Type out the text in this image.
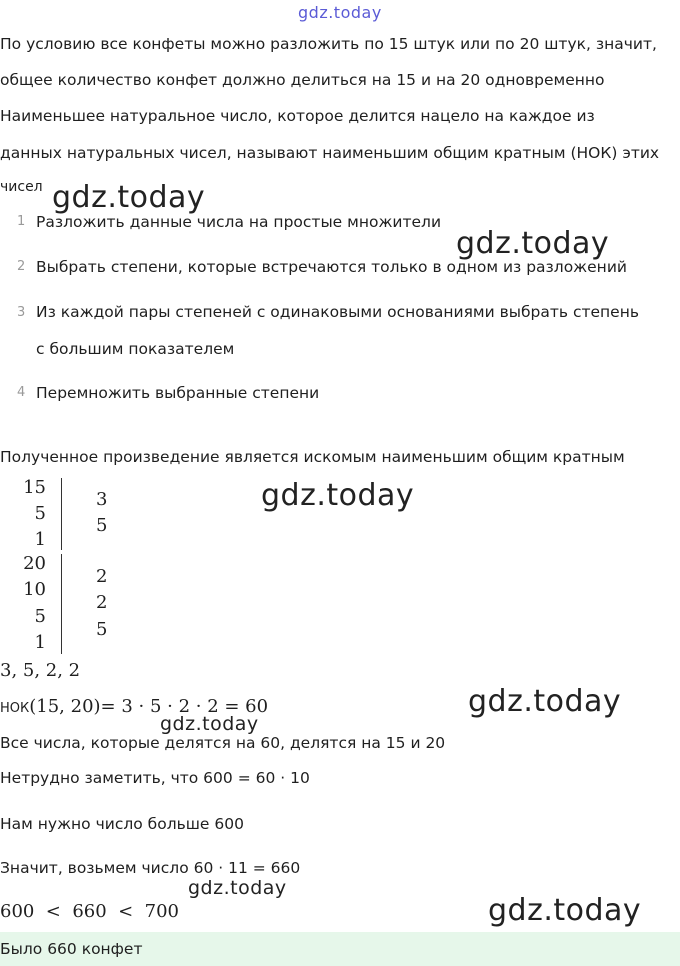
gdz.today
По условию все конфеты можно разложить по 15 штук или по 20 штук, значит,
общее количество конфет должно делиться на 15 и на 20 одновременно
Наименьшее натуральное число, которое делится нацело на каждое из
данных натуральных чисел, называют наименьшим общим кратным (НОК) этих
чисел gdz.today
gdz.today
1 Разложить данные числа на простые множители
2 Выбрать степени, которые встречаются только в одном из разложений
3 Из каждой пары степеней с одинаковыми основаниями выбрать степень
с большим показателем
4 Перемножить выбранные степени
Полученное произведение является искомым наименьшим общим кратным
15
5
1
20
10
5
1
3
5
2
2
5
gdz.today
3, 5, 2, 2
НОК(15, 20)= 3 · 5 · 2 · 2 = 60	gdz.today
gdz.today
Все числа, которые делятся на 60, делятся на 15 и 20
Нетрудно заметить, что 600 = 60 · 10
Нам нужно число больше 600
Значит, возьмем число 60 · 11 = 660
gdz.today
600  <  660  <  700	gdz.today
Было 660 конфет
